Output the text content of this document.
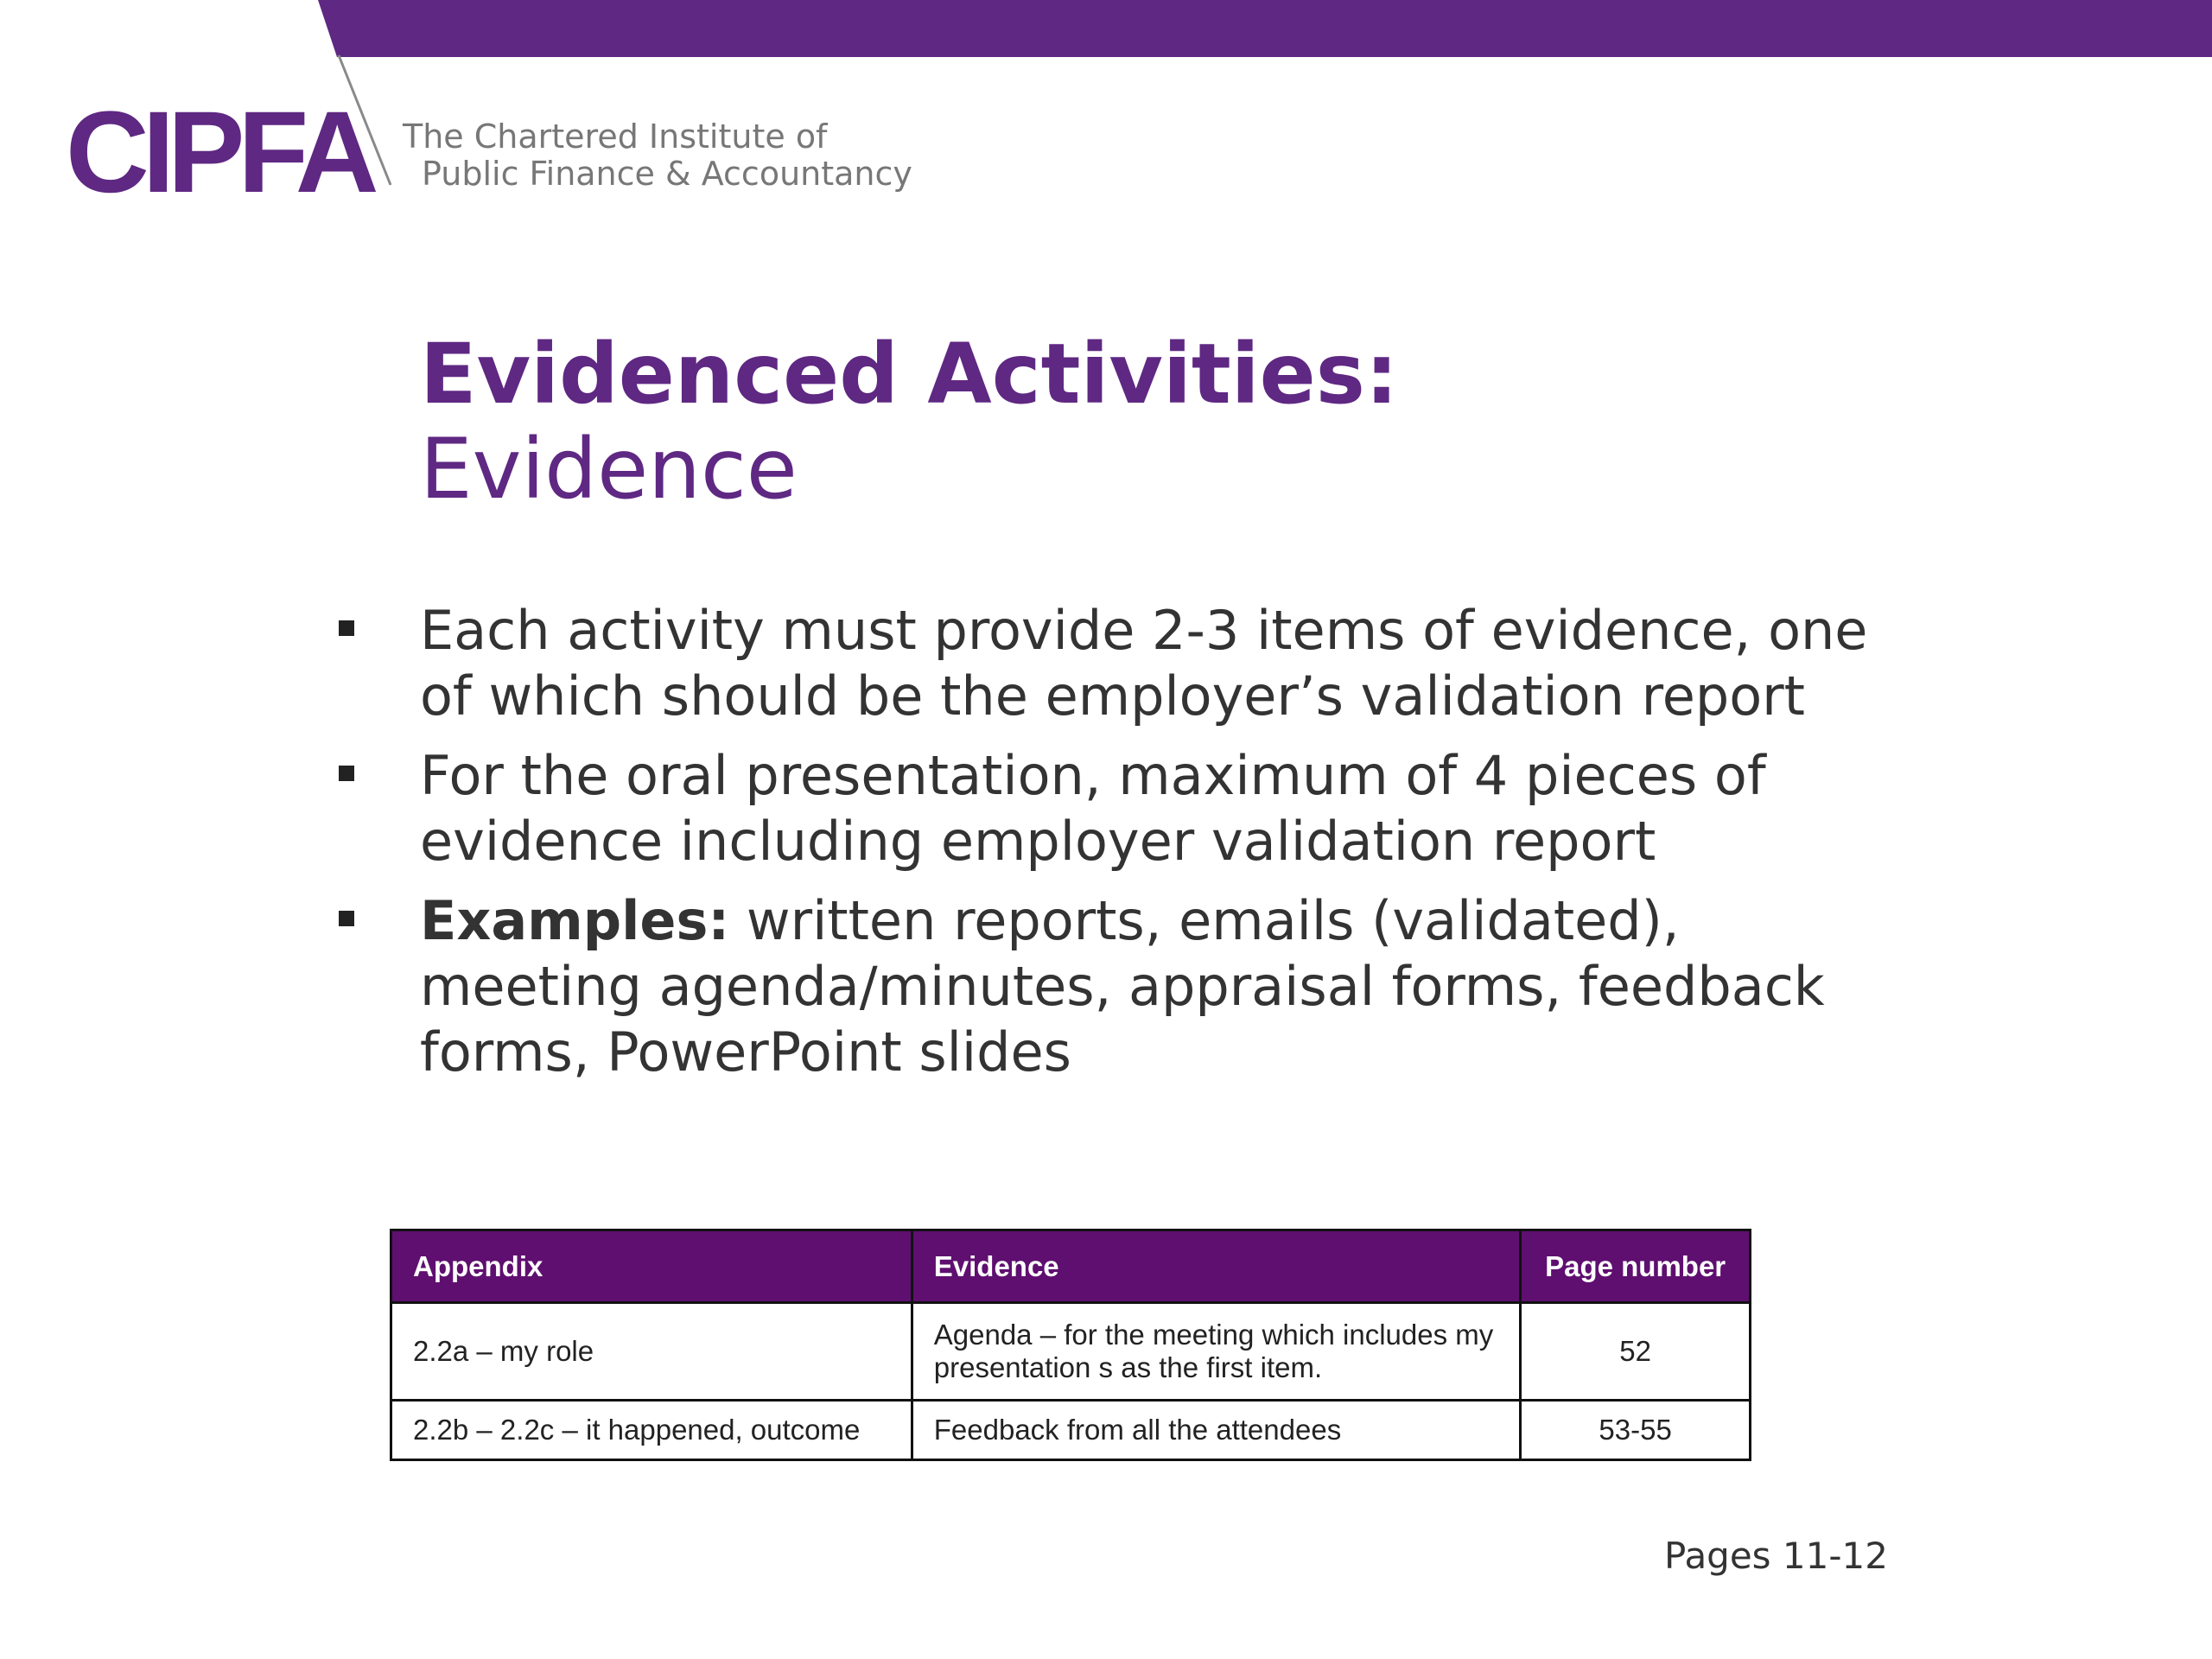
CIPFA The Chartered Institute of
Public Finance & Accountancy
Evidenced Activities:
Evidence
Each activity must provide 2-3 items of evidence, one of which should be the employer’s validation report
For the oral presentation, maximum of 4 pieces of evidence including employer validation report
Examples: written reports, emails (validated), meeting agenda/minutes, appraisal forms, feedback forms, PowerPoint slides
Appendix	Evidence	Page number
2.2a – my role	Agenda – for the meeting which includes my presentation s as the first item.	52
2.2b – 2.2c – it happened, outcome	Feedback from all the attendees	53-55
Pages 11-12
